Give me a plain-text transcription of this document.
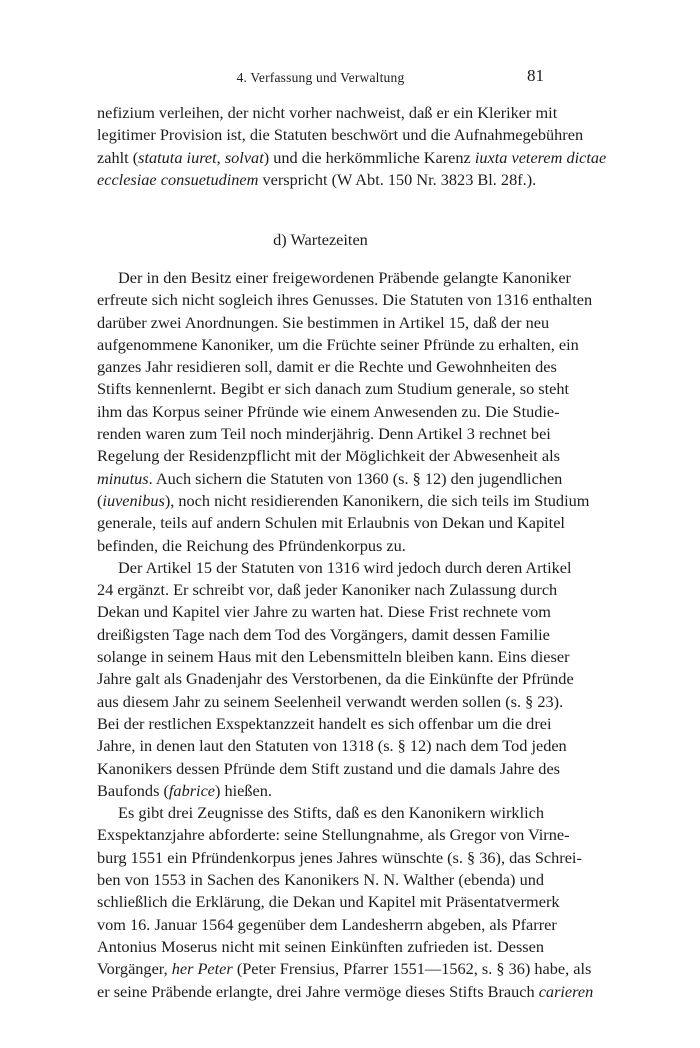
4. Verfassung und Verwaltung	81
nefizium verleihen, der nicht vorher nachweist, daß er ein Kleriker mit
legitimer Provision ist, die Statuten beschwört und die Aufnahmegebühren
zahlt (statuta iuret, solvat) und die herkömmliche Karenz iuxta veterem dictae
ecclesiae consuetudinem verspricht (W Abt. 150 Nr. 3823 Bl. 28f.).
d) Wartezeiten
Der in den Besitz einer freigewordenen Präbende gelangte Kanoniker
erfreute sich nicht sogleich ihres Genusses. Die Statuten von 1316 enthalten
darüber zwei Anordnungen. Sie bestimmen in Artikel 15, daß der neu
aufgenommene Kanoniker, um die Früchte seiner Pfründe zu erhalten, ein
ganzes Jahr residieren soll, damit er die Rechte und Gewohnheiten des
Stifts kennenlernt. Begibt er sich danach zum Studium generale, so steht
ihm das Korpus seiner Pfründe wie einem Anwesenden zu. Die Studie-
renden waren zum Teil noch minderjährig. Denn Artikel 3 rechnet bei
Regelung der Residenzpflicht mit der Möglichkeit der Abwesenheit als
minutus. Auch sichern die Statuten von 1360 (s. § 12) den jugendlichen
(iuvenibus), noch nicht residierenden Kanonikern, die sich teils im Studium
generale, teils auf andern Schulen mit Erlaubnis von Dekan und Kapitel
befinden, die Reichung des Pfründenkorpus zu.
Der Artikel 15 der Statuten von 1316 wird jedoch durch deren Artikel
24 ergänzt. Er schreibt vor, daß jeder Kanoniker nach Zulassung durch
Dekan und Kapitel vier Jahre zu warten hat. Diese Frist rechnete vom
dreißigsten Tage nach dem Tod des Vorgängers, damit dessen Familie
solange in seinem Haus mit den Lebensmitteln bleiben kann. Eins dieser
Jahre galt als Gnadenjahr des Verstorbenen, da die Einkünfte der Pfründe
aus diesem Jahr zu seinem Seelenheil verwandt werden sollen (s. § 23).
Bei der restlichen Exspektanzzeit handelt es sich offenbar um die drei
Jahre, in denen laut den Statuten von 1318 (s. § 12) nach dem Tod jeden
Kanonikers dessen Pfründe dem Stift zustand und die damals Jahre des
Baufonds (fabrice) hießen.
Es gibt drei Zeugnisse des Stifts, daß es den Kanonikern wirklich
Exspektanzjahre abforderte: seine Stellungnahme, als Gregor von Virne-
burg 1551 ein Pfründenkorpus jenes Jahres wünschte (s. § 36), das Schrei-
ben von 1553 in Sachen des Kanonikers N. N. Walther (ebenda) und
schließlich die Erklärung, die Dekan und Kapitel mit Präsentatvermerk
vom 16. Januar 1564 gegenüber dem Landesherrn abgeben, als Pfarrer
Antonius Moserus nicht mit seinen Einkünften zufrieden ist. Dessen
Vorgänger, her Peter (Peter Frensius, Pfarrer 1551—1562, s. § 36) habe, als
er seine Präbende erlangte, drei Jahre vermöge dieses Stifts Brauch carieren
